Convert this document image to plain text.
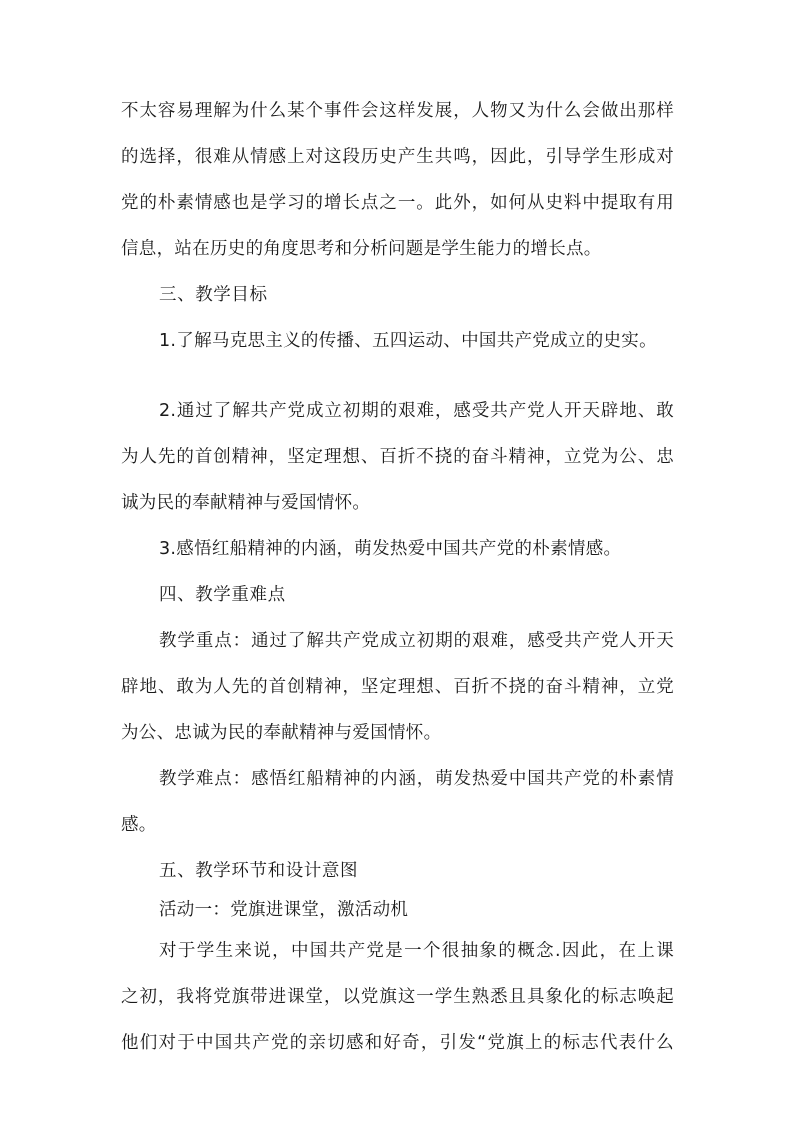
不太容易理解为什么某个事件会这样发展，人物又为什么会做出那样
的选择，很难从情感上对这段历史产生共鸣，因此，引导学生形成对
党的朴素情感也是学习的增长点之一。此外，如何从史料中提取有用
信息，站在历史的角度思考和分析问题是学生能力的增长点。
三、教学目标
1.了解马克思主义的传播、五四运动、中国共产党成立的史实。
2.通过了解共产党成立初期的艰难，感受共产党人开天辟地、敢
为人先的首创精神，坚定理想、百折不挠的奋斗精神，立党为公、忠
诚为民的奉献精神与爱国情怀。
3.感悟红船精神的内涵，萌发热爱中国共产党的朴素情感。
四、教学重难点
教学重点：通过了解共产党成立初期的艰难，感受共产党人开天
辟地、敢为人先的首创精神，坚定理想、百折不挠的奋斗精神，立党
为公、忠诚为民的奉献精神与爱国情怀。
教学难点：感悟红船精神的内涵，萌发热爱中国共产党的朴素情
感。
五、教学环节和设计意图
活动一：党旗进课堂，激活动机
对于学生来说，中国共产党是一个很抽象的概念.因此，在上课
之初，我将党旗带进课堂，以党旗这一学生熟悉且具象化的标志唤起
他们对于中国共产党的亲切感和好奇，引发“党旗上的标志代表什么
